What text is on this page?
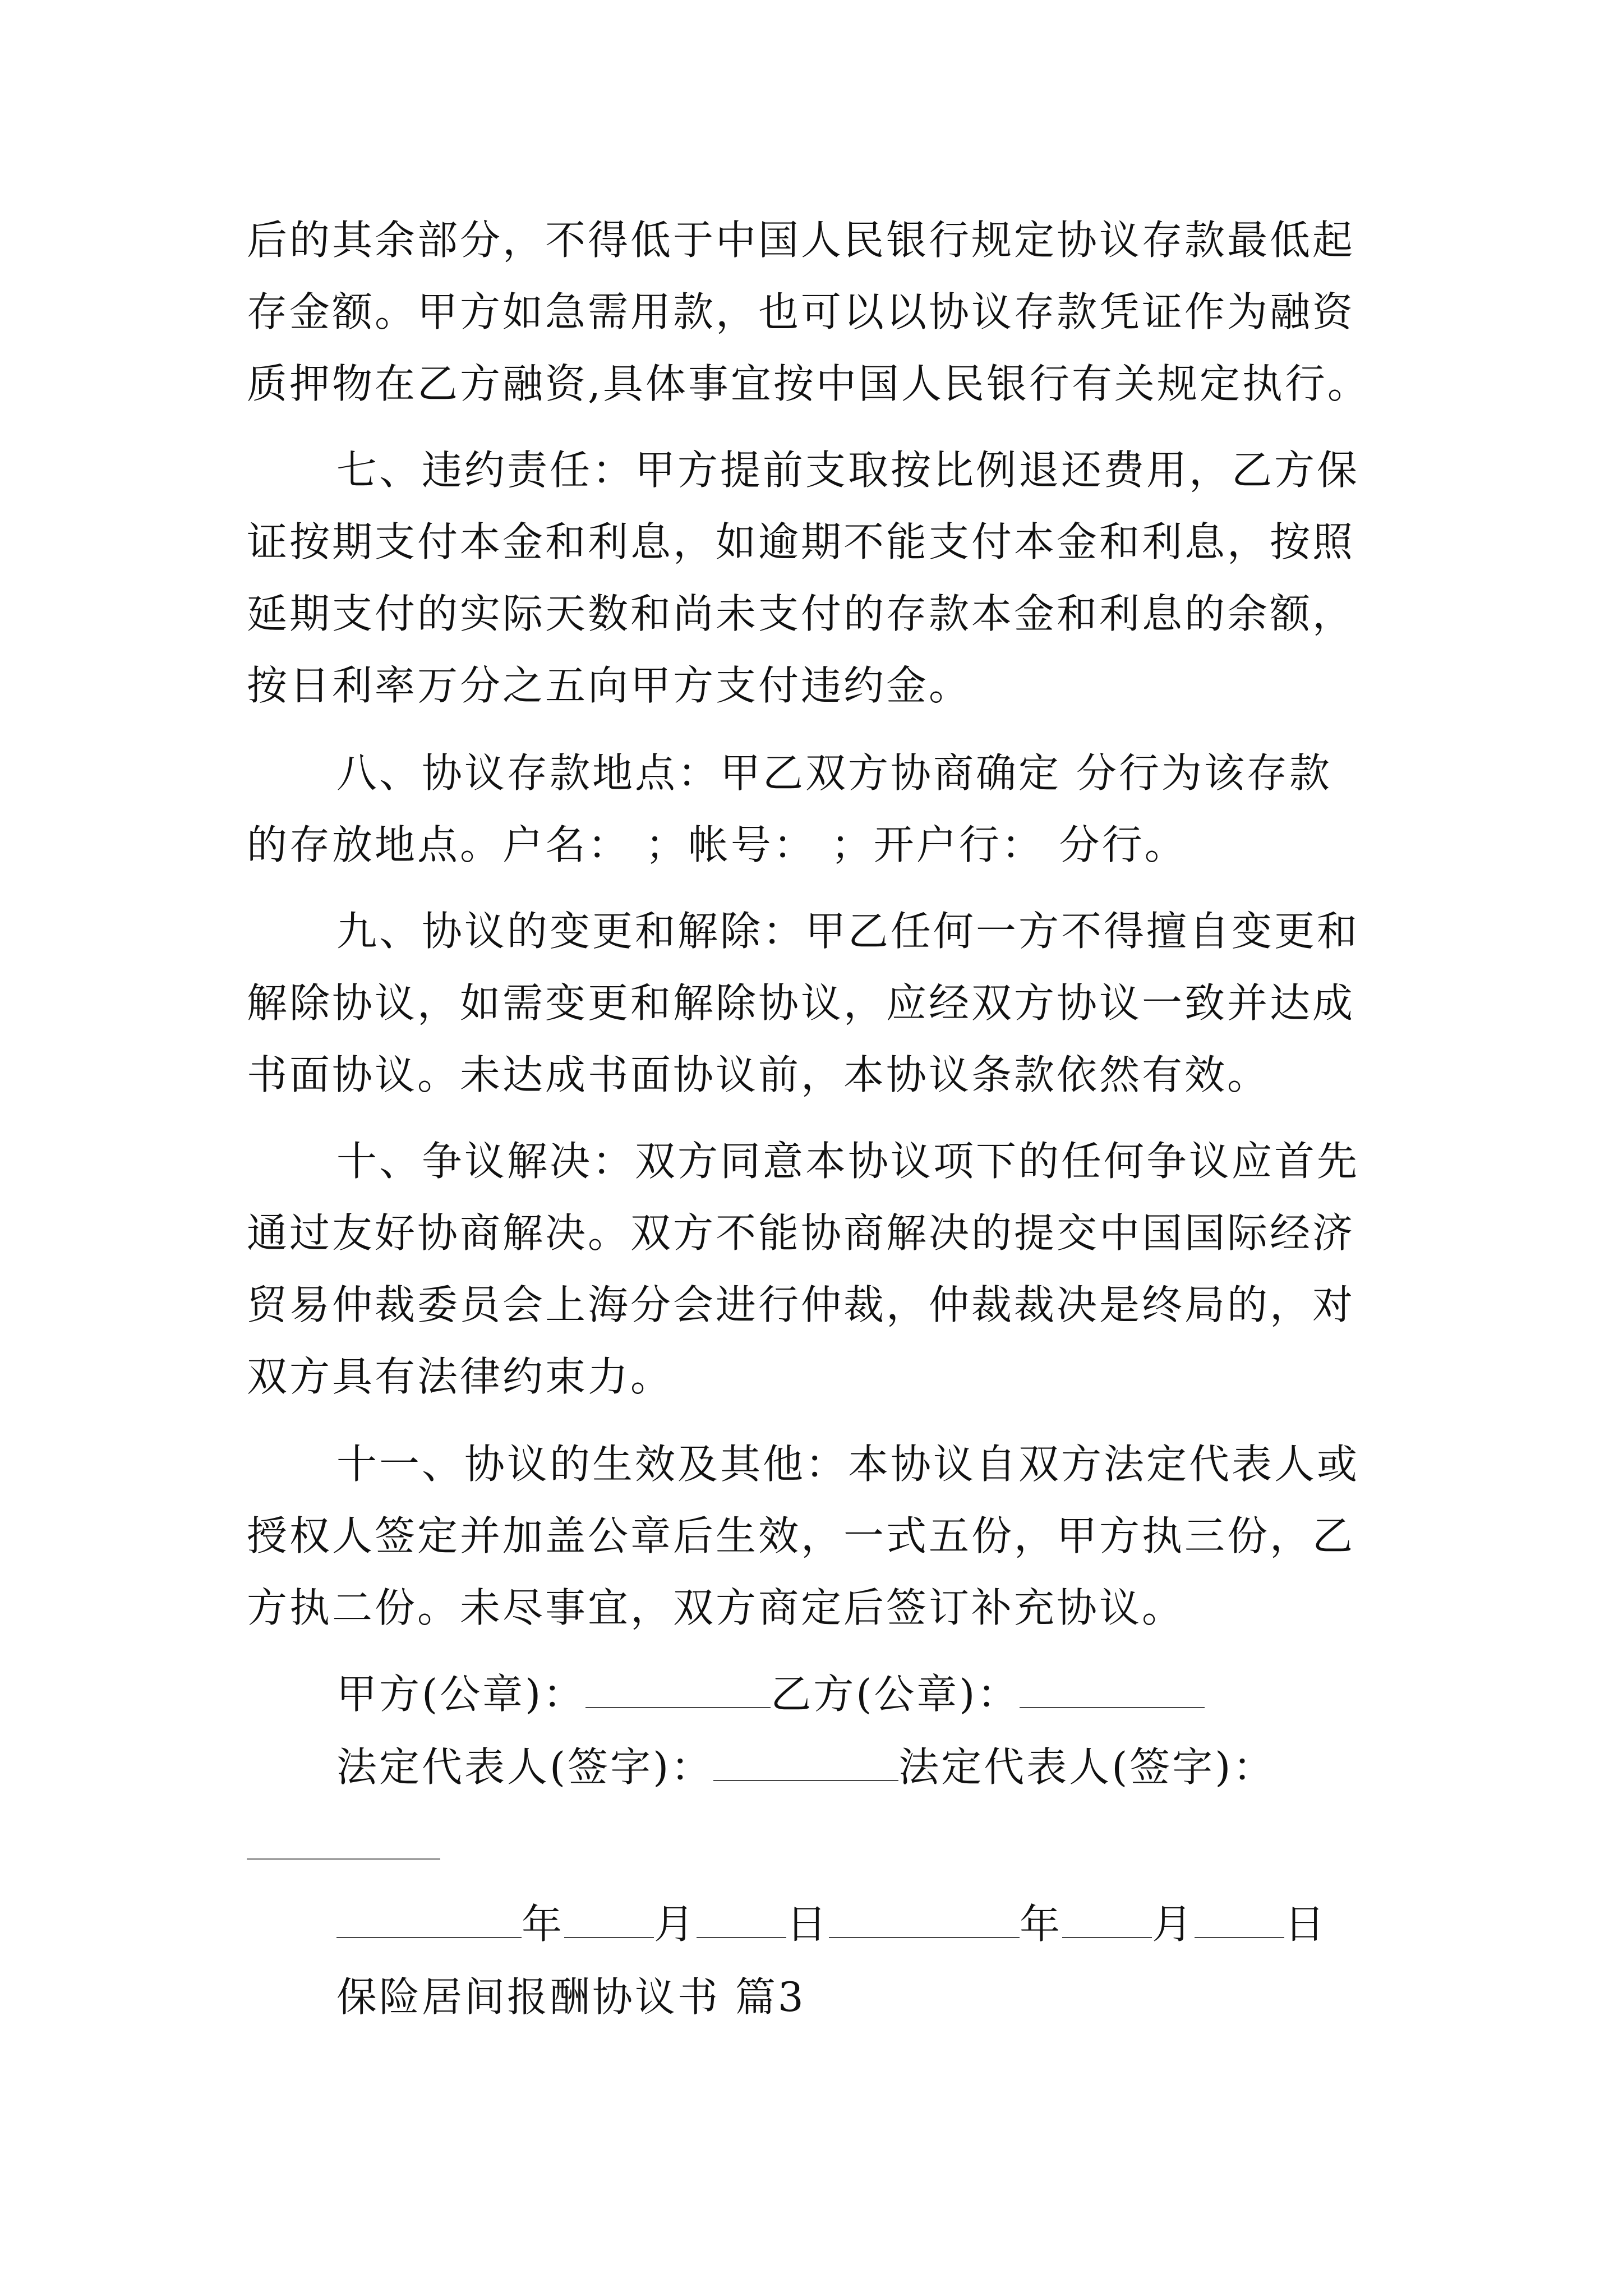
后的其余部分，不得低于中国人民银行规定协议存款最低起
存金额。甲方如急需用款，也可以以协议存款凭证作为融资
质押物在乙方融资,具体事宜按中国人民银行有关规定执行。
七、违约责任：甲方提前支取按比例退还费用，乙方保
证按期支付本金和利息，如逾期不能支付本金和利息，按照
延期支付的实际天数和尚未支付的存款本金和利息的余额，
按日利率万分之五向甲方支付违约金。
八、协议存款地点：甲乙双方协商确定 分行为该存款
的存放地点。户名： ；帐号： ；开户行： 分行。
九、协议的变更和解除：甲乙任何一方不得擅自变更和
解除协议，如需变更和解除协议，应经双方协议一致并达成
书面协议。未达成书面协议前，本协议条款依然有效。
十、争议解决：双方同意本协议项下的任何争议应首先
通过友好协商解决。双方不能协商解决的提交中国国际经济
贸易仲裁委员会上海分会进行仲裁，仲裁裁决是终局的，对
双方具有法律约束力。
十一、协议的生效及其他：本协议自双方法定代表人或
授权人签定并加盖公章后生效，一式五份，甲方执三份，乙
方执二份。未尽事宜，双方商定后签订补充协议。
甲方(公章)：	乙方(公章)：
法定代表人(签字)：	法定代表人(签字)：
年 月 日	年 月 日
保险居间报酬协议书 篇3
